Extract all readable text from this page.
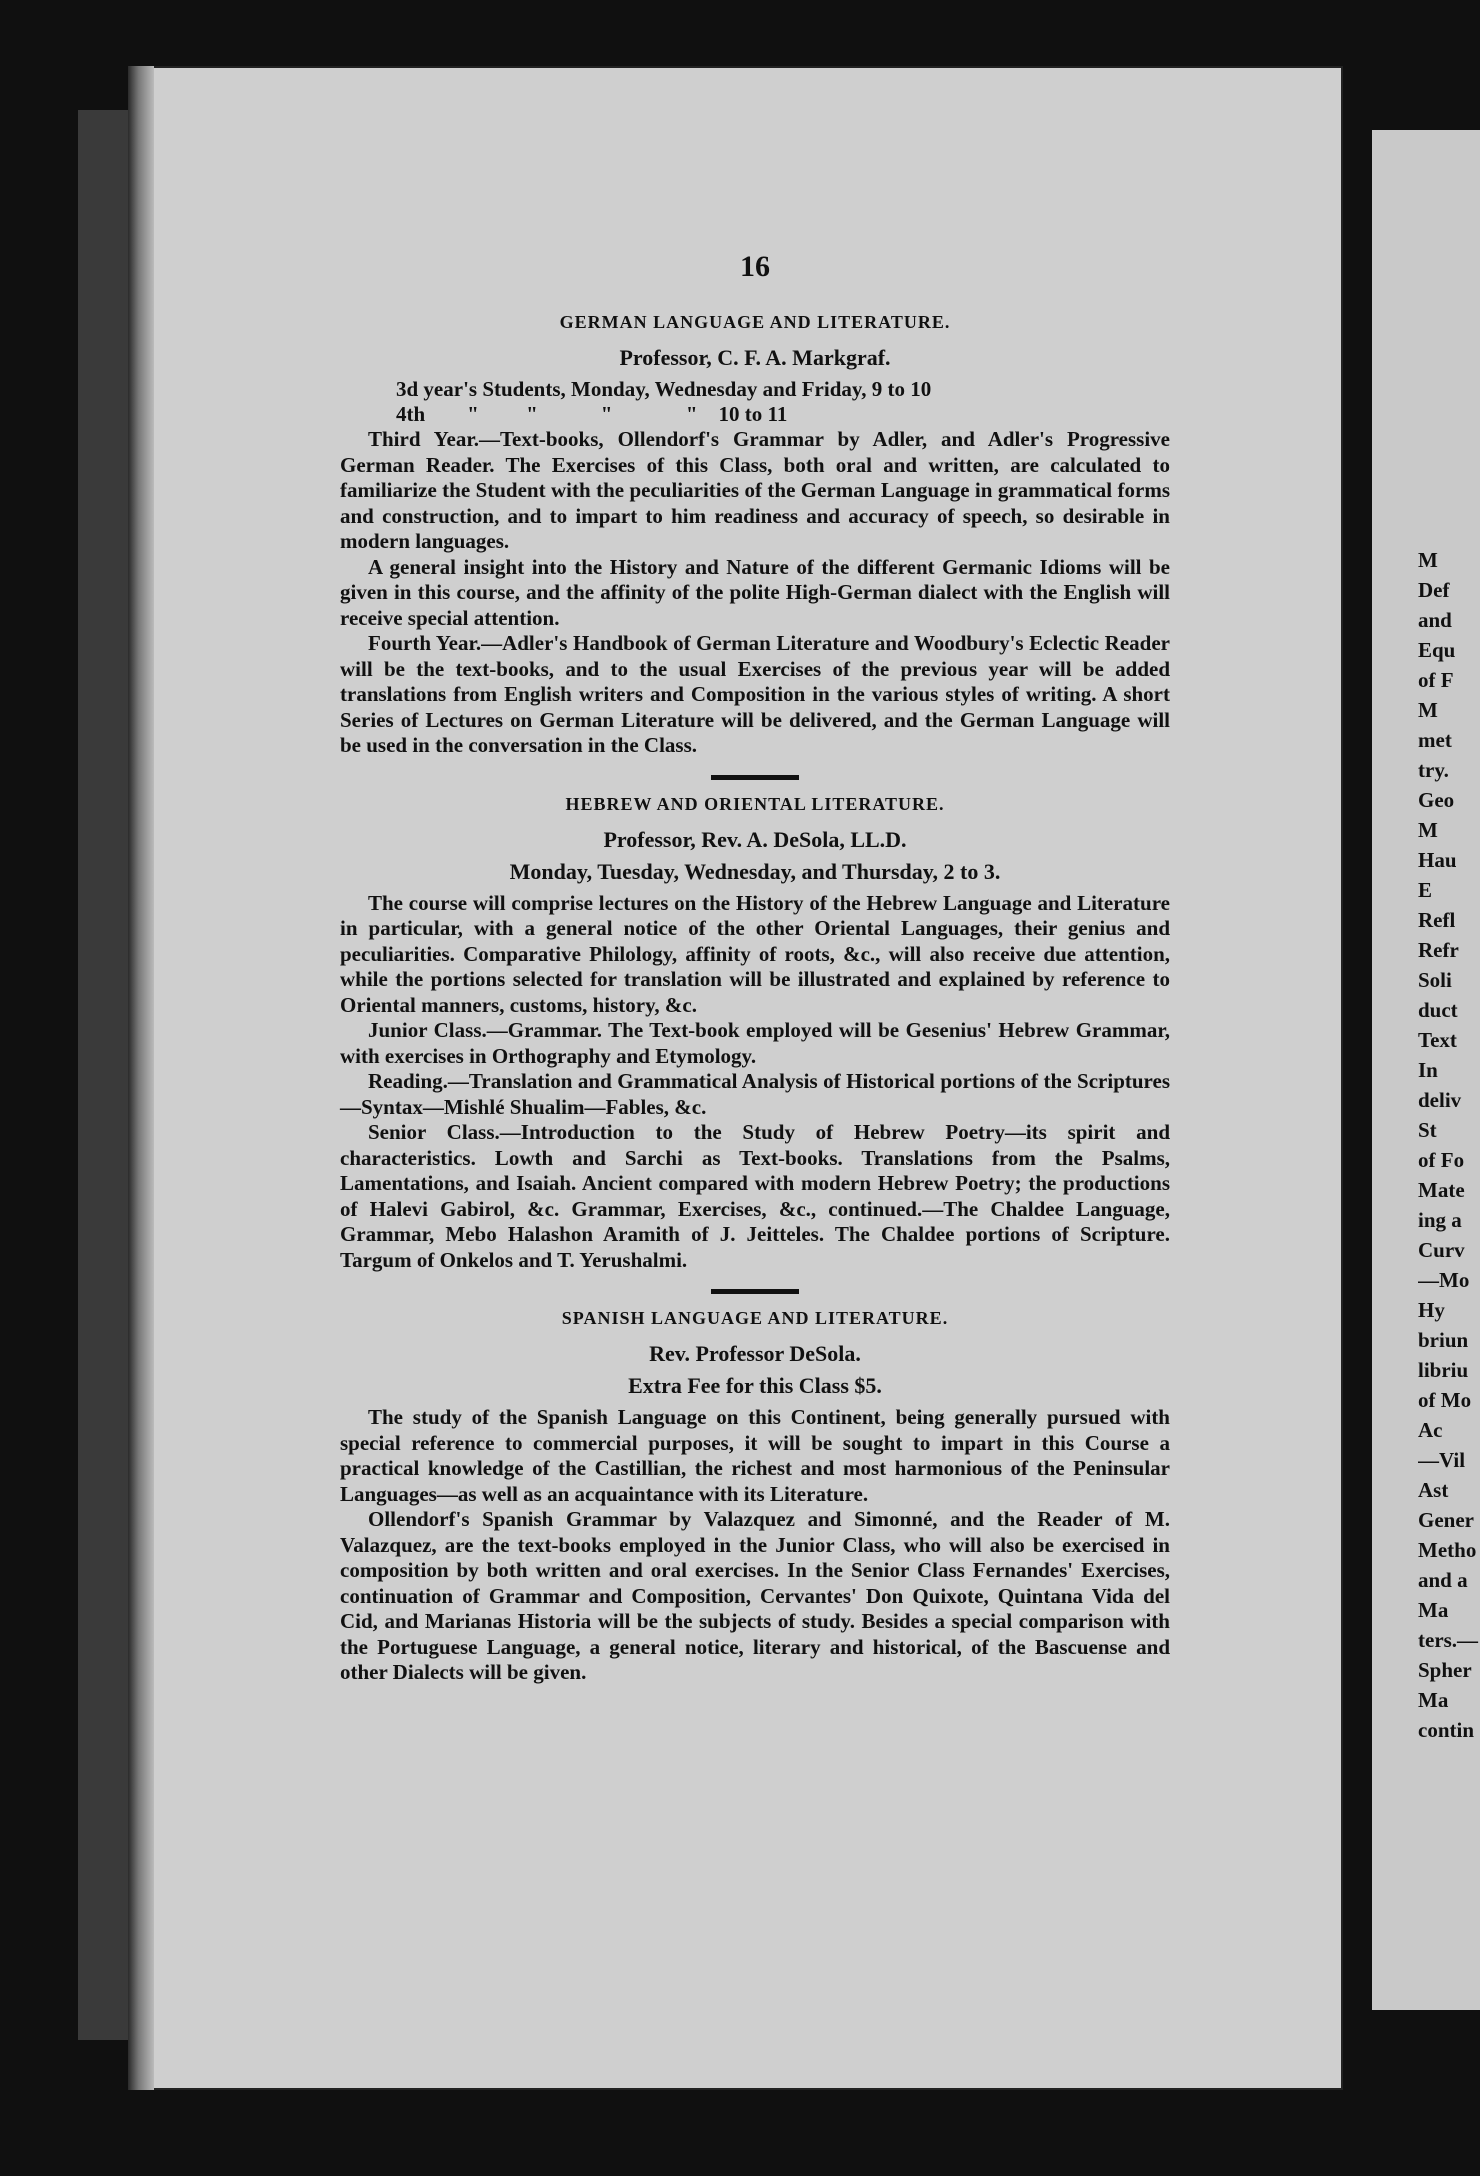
M
Def
and
Equ
of F
M
met
try.
Geo
M
Hau
E
Refl
Refr
Soli
duct
Text
In
deliv
St
of Fo
Mate
ing a
Curv
—Mo
Hy
briun
libriu
of Mo
Ac
—Vil
Ast
Gener
Metho
and a
Ma
ters.—
Spher
Ma
contin
16
GERMAN LANGUAGE AND LITERATURE.
Professor, C. F. A. Markgraf.
3d year's Students, Monday, Wednesday and Friday, 9 to 10
4th        "         "            "              "    10 to 11

Third Year.—Text-books, Ollendorf's Grammar by Adler, and Adler's Progressive German Reader. The Exercises of this Class, both oral and written, are calculated to familiarize the Student with the peculiarities of the German Language in grammatical forms and construction, and to impart to him readiness and accuracy of speech, so desirable in modern languages.

A general insight into the History and Nature of the different Germanic Idioms will be given in this course, and the affinity of the polite High-German dialect with the English will receive special attention.

Fourth Year.—Adler's Handbook of German Literature and Woodbury's Eclectic Reader will be the text-books, and to the usual Exercises of the previous year will be added translations from English writers and Composition in the various styles of writing. A short Series of Lectures on German Literature will be delivered, and the German Language will be used in the conversation in the Class.

HEBREW AND ORIENTAL LITERATURE.
Professor, Rev. A. DeSola, LL.D.
Monday, Tuesday, Wednesday, and Thursday, 2 to 3.

The course will comprise lectures on the History of the Hebrew Language and Literature in particular, with a general notice of the other Oriental Languages, their genius and peculiarities. Comparative Philology, affinity of roots, &c., will also receive due attention, while the portions selected for translation will be illustrated and explained by reference to Oriental manners, customs, history, &c.

Junior Class.—Grammar. The Text-book employed will be Gesenius' Hebrew Grammar, with exercises in Orthography and Etymology.

Reading.—Translation and Grammatical Analysis of Historical portions of the Scriptures—Syntax—Mishlé Shualim—Fables, &c.

Senior Class.—Introduction to the Study of Hebrew Poetry—its spirit and characteristics. Lowth and Sarchi as Text-books. Translations from the Psalms, Lamentations, and Isaiah. Ancient compared with modern Hebrew Poetry; the productions of Halevi Gabirol, &c. Grammar, Exercises, &c., continued.—The Chaldee Language, Grammar, Mebo Halashon Aramith of J. Jeitteles. The Chaldee portions of Scripture. Targum of Onkelos and T. Yerushalmi.

SPANISH LANGUAGE AND LITERATURE.
Rev. Professor DeSola.
Extra Fee for this Class $5.

The study of the Spanish Language on this Continent, being generally pursued with special reference to commercial purposes, it will be sought to impart in this Course a practical knowledge of the Castillian, the richest and most harmonious of the Peninsular Languages—as well as an acquaintance with its Literature.

Ollendorf's Spanish Grammar by Valazquez and Simonné, and the Reader of M. Valazquez, are the text-books employed in the Junior Class, who will also be exercised in composition by both written and oral exercises. In the Senior Class Fernandes' Exercises, continuation of Grammar and Composition, Cervantes' Don Quixote, Quintana Vida del Cid, and Marianas Historia will be the subjects of study. Besides a special comparison with the Portuguese Language, a general notice, literary and historical, of the Bascuense and other Dialects will be given.
